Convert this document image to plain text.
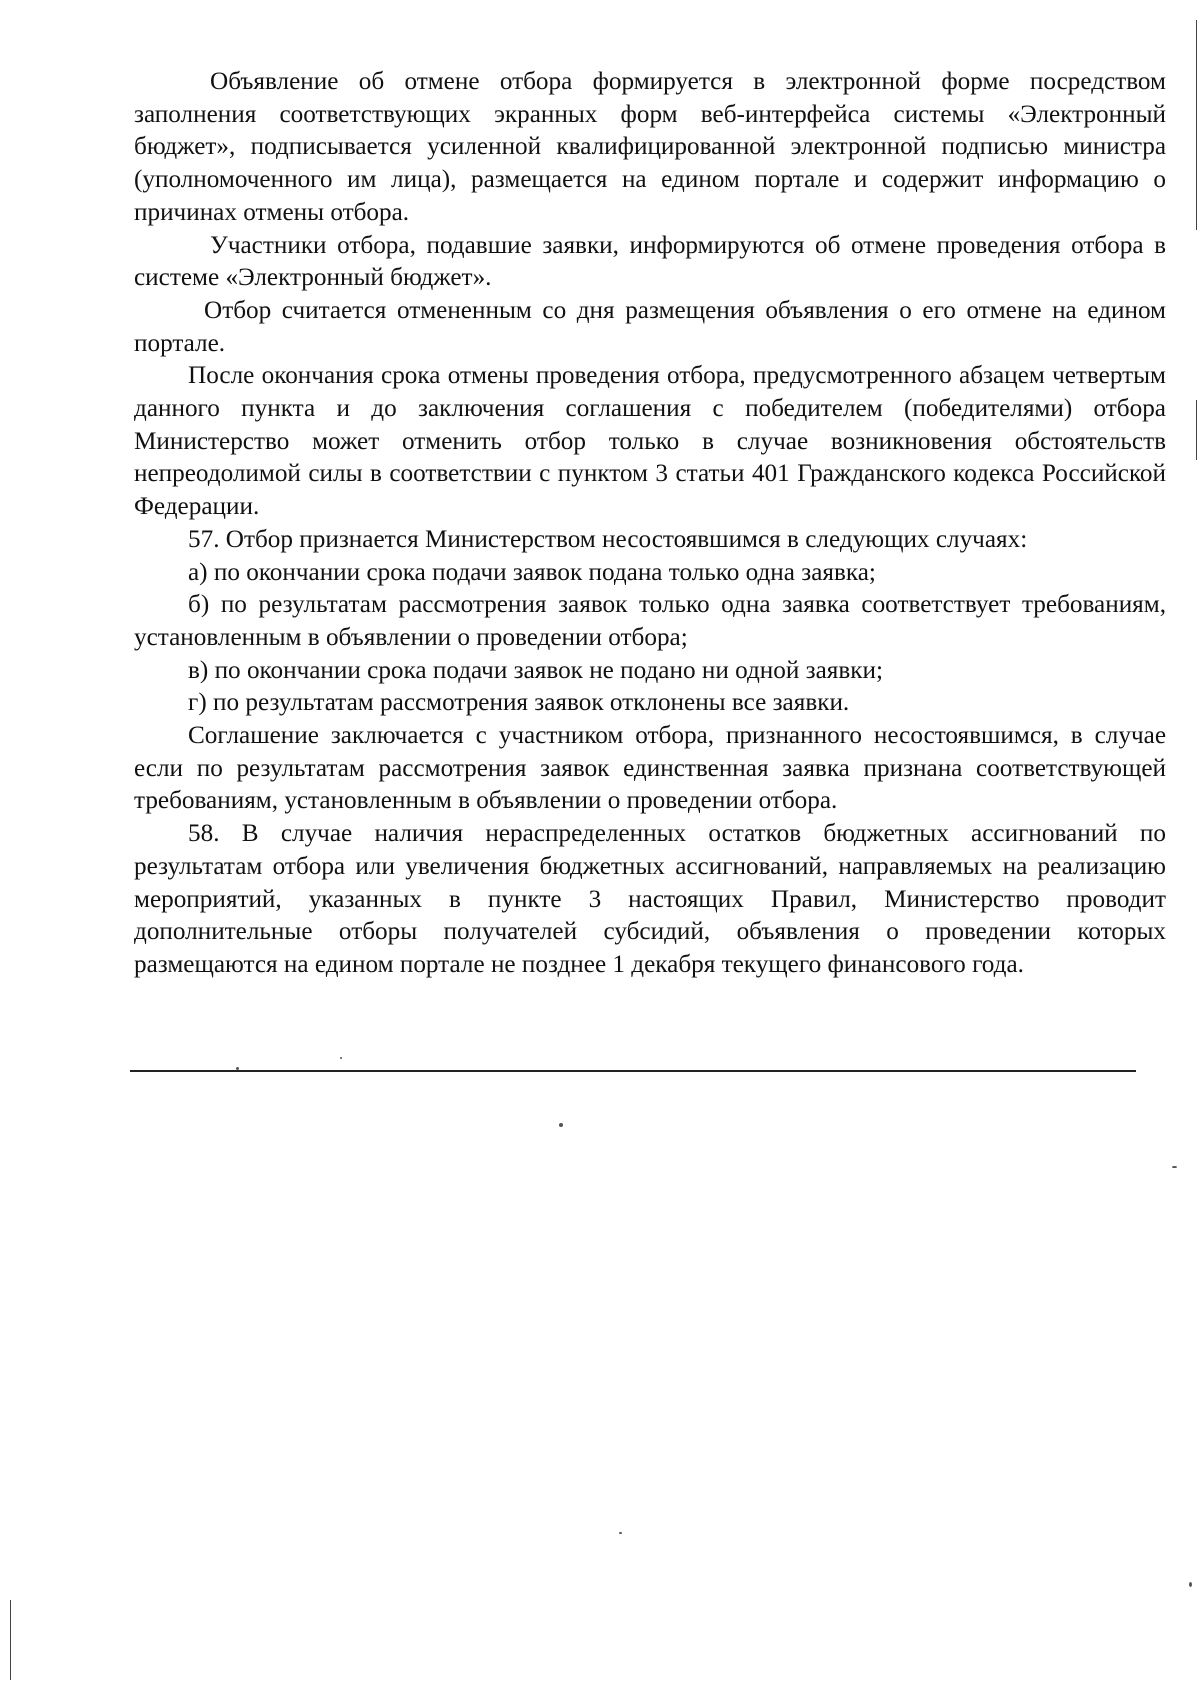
Объявление об отмене отбора формируется в электронной форме посредством заполнения соответствующих экранных форм веб-интерфейса системы «Электронный бюджет», подписывается усиленной квалифицированной электронной подписью министра (уполномоченного им лица), размещается на едином портале и содержит информацию о причинах отмены отбора.

Участники отбора, подавшие заявки, информируются об отмене проведения отбора в системе «Электронный бюджет».

Отбор считается отмененным со дня размещения объявления о его отмене на едином портале.

После окончания срока отмены проведения отбора, предусмотренного абзацем четвертым данного пункта и до заключения соглашения с победителем (победителями) отбора Министерство может отменить отбор только в случае возникновения обстоятельств непреодолимой силы в соответствии с пунктом 3 статьи 401 Гражданского кодекса Российской Федерации.

57. Отбор признается Министерством несостоявшимся в следующих случаях:

а) по окончании срока подачи заявок подана только одна заявка;

б) по результатам рассмотрения заявок только одна заявка соответствует требованиям, установленным в объявлении о проведении отбора;

в) по окончании срока подачи заявок не подано ни одной заявки;

г) по результатам рассмотрения заявок отклонены все заявки.

Соглашение заключается с участником отбора, признанного несостоявшимся, в случае если по результатам рассмотрения заявок единственная заявка признана соответствующей требованиям, установленным в объявлении о проведении отбора.

58. В случае наличия нераспределенных остатков бюджетных ассигнований по результатам отбора или увеличения бюджетных ассигнований, направляемых на реализацию мероприятий, указанных в пункте 3 настоящих Правил, Министерство проводит дополнительные отборы получателей субсидий, объявления о проведении которых размещаются на едином портале не позднее 1 декабря текущего финансового года.
